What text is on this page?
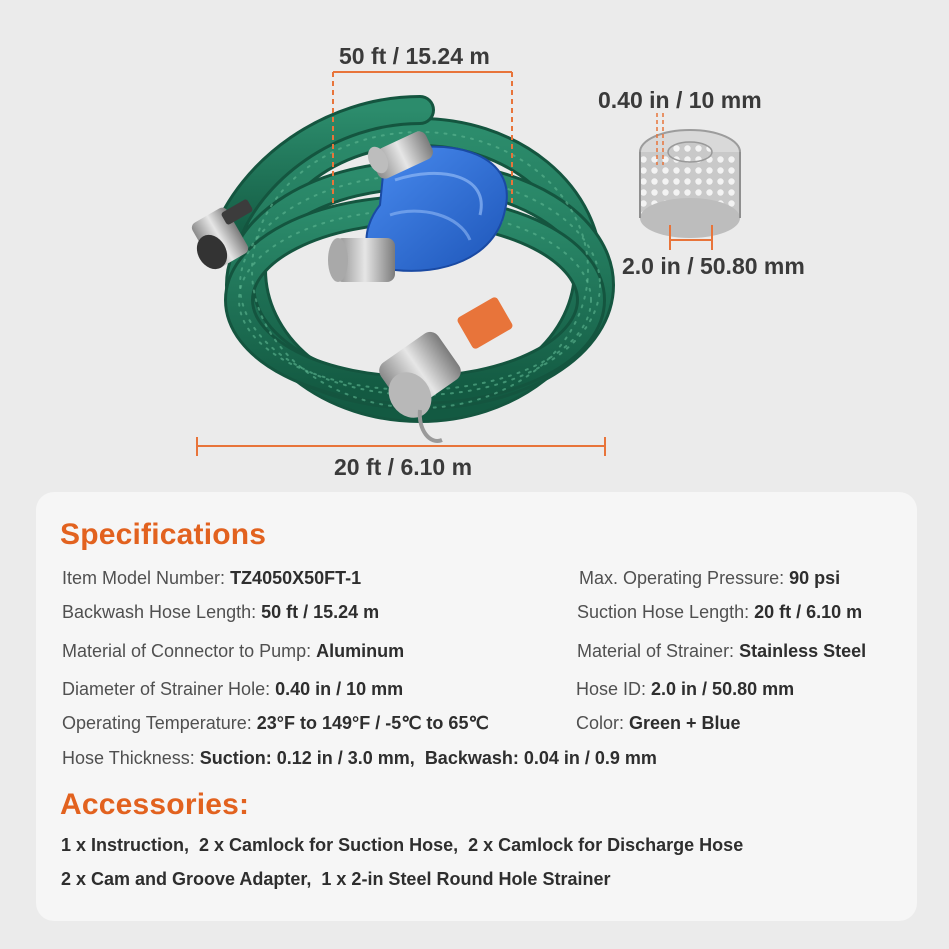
50 ft / 15.24 m
0.40 in / 10 mm
2.0 in / 50.80 mm
20 ft / 6.10 m
Specifications
Item Model Number: TZ4050X50FT-1
Backwash Hose Length: 50 ft / 15.24 m
Material of Connector to Pump: Aluminum
Diameter of Strainer Hole: 0.40 in / 10 mm
Operating Temperature: 23°F to 149°F / -5℃ to 65℃
Max. Operating Pressure: 90 psi
Suction Hose Length: 20 ft / 6.10 m
Material of Strainer: Stainless Steel
Hose ID: 2.0 in / 50.80 mm
Color: Green + Blue
Hose Thickness: Suction: 0.12 in / 3.0 mm,  Backwash: 0.04 in / 0.9 mm
Accessories:
1 x Instruction,  2 x Camlock for Suction Hose,  2 x Camlock for Discharge Hose
2 x Cam and Groove Adapter,  1 x 2-in Steel Round Hole Strainer
